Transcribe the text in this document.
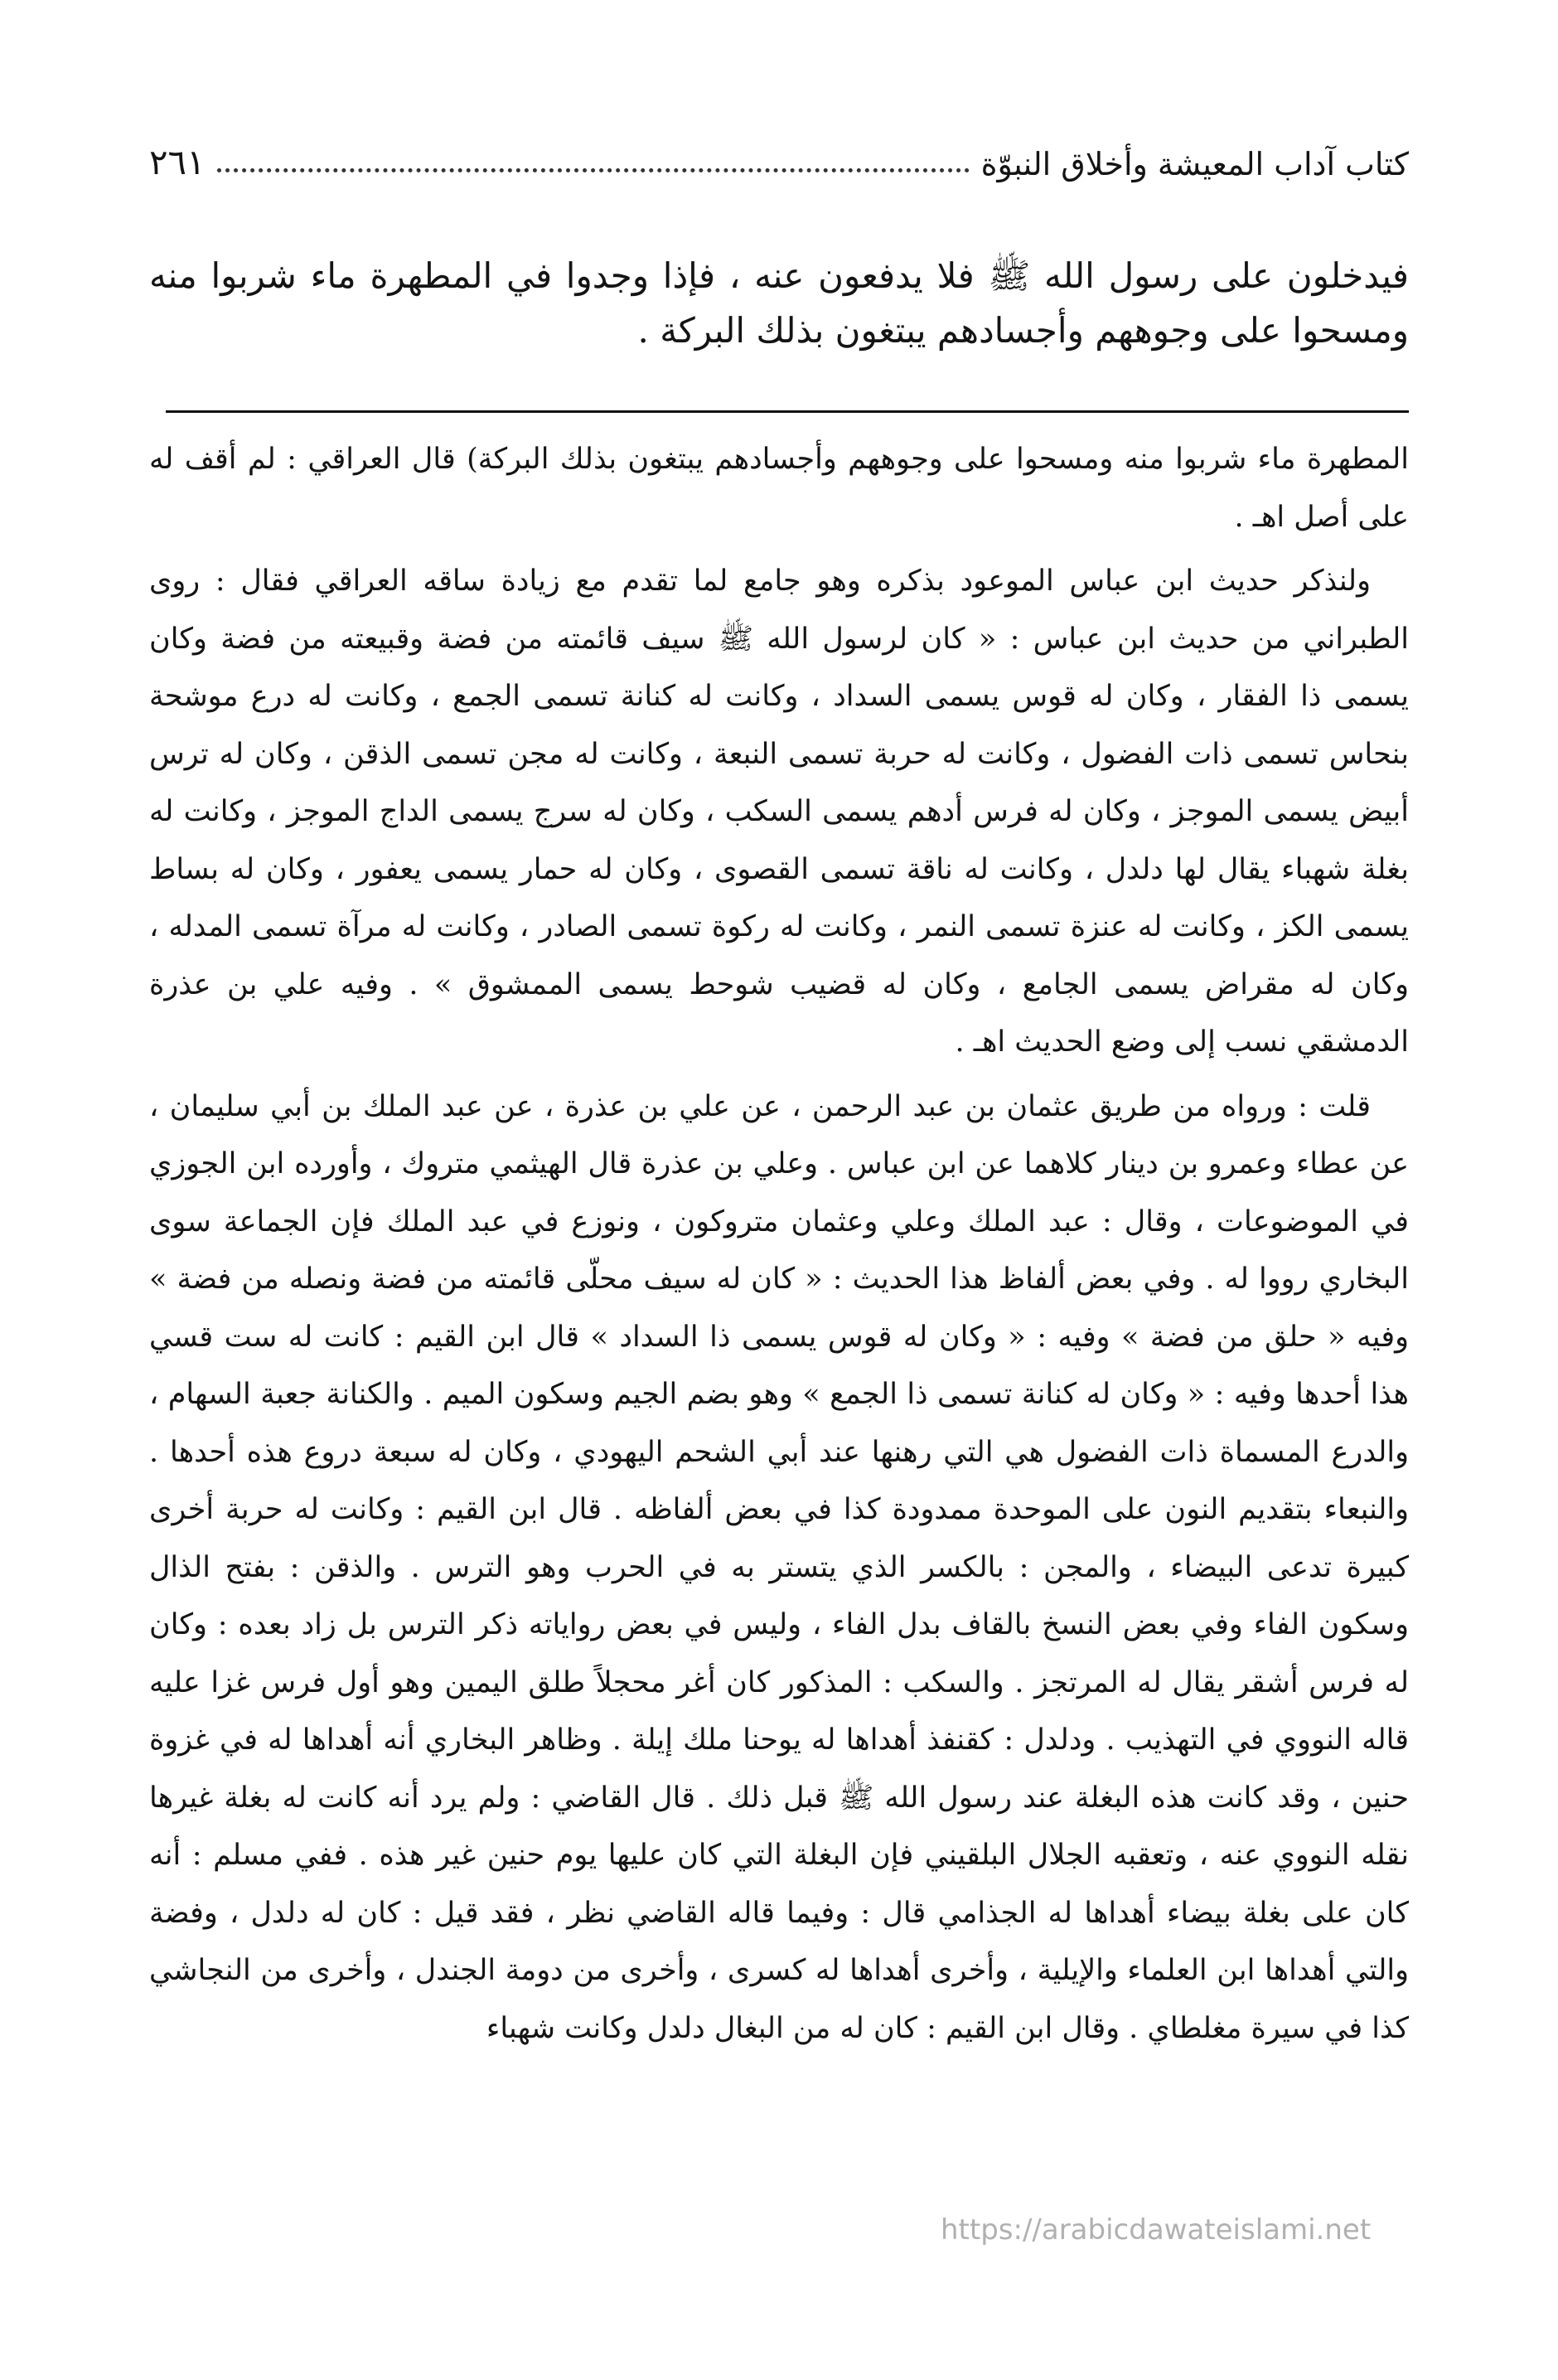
كتاب آداب المعيشة وأخلاق النبوّة
٢٦١
فيدخلون على رسول الله ﷺ فلا يدفعون عنه ، فإذا وجدوا في المطهرة ماء شربوا منه ومسحوا على وجوههم وأجسادهم يبتغون بذلك البركة .

المطهرة ماء شربوا منه ومسحوا على وجوههم وأجسادهم يبتغون بذلك البركة) قال العراقي : لم أقف له على أصل اهـ .

ولنذكر حديث ابن عباس الموعود بذكره وهو جامع لما تقدم مع زيادة ساقه العراقي فقال : روى الطبراني من حديث ابن عباس : « كان لرسول الله ﷺ سيف قائمته من فضة وقبيعته من فضة وكان يسمى ذا الفقار ، وكان له قوس يسمى السداد ، وكانت له كنانة تسمى الجمع ، وكانت له درع موشحة بنحاس تسمى ذات الفضول ، وكانت له حربة تسمى النبعة ، وكانت له مجن تسمى الذقن ، وكان له ترس أبيض يسمى الموجز ، وكان له فرس أدهم يسمى السكب ، وكان له سرج يسمى الداج الموجز ، وكانت له بغلة شهباء يقال لها دلدل ، وكانت له ناقة تسمى القصوى ، وكان له حمار يسمى يعفور ، وكان له بساط يسمى الكز ، وكانت له عنزة تسمى النمر ، وكانت له ركوة تسمى الصادر ، وكانت له مرآة تسمى المدله ، وكان له مقراض يسمى الجامع ، وكان له قضيب شوحط يسمى الممشوق » . وفيه علي بن عذرة الدمشقي نسب إلى وضع الحديث اهـ .

قلت : ورواه من طريق عثمان بن عبد الرحمن ، عن علي بن عذرة ، عن عبد الملك بن أبي سليمان ، عن عطاء وعمرو بن دينار كلاهما عن ابن عباس . وعلي بن عذرة قال الهيثمي متروك ، وأورده ابن الجوزي في الموضوعات ، وقال : عبد الملك وعلي وعثمان متروكون ، ونوزع في عبد الملك فإن الجماعة سوى البخاري رووا له . وفي بعض ألفاظ هذا الحديث : « كان له سيف محلّى قائمته من فضة ونصله من فضة » وفيه « حلق من فضة » وفيه : « وكان له قوس يسمى ذا السداد » قال ابن القيم : كانت له ست قسي هذا أحدها وفيه : « وكان له كنانة تسمى ذا الجمع » وهو بضم الجيم وسكون الميم . والكنانة جعبة السهام ، والدرع المسماة ذات الفضول هي التي رهنها عند أبي الشحم اليهودي ، وكان له سبعة دروع هذه أحدها . والنبعاء بتقديم النون على الموحدة ممدودة كذا في بعض ألفاظه . قال ابن القيم : وكانت له حربة أخرى كبيرة تدعى البيضاء ، والمجن : بالكسر الذي يتستر به في الحرب وهو الترس . والذقن : بفتح الذال وسكون الفاء وفي بعض النسخ بالقاف بدل الفاء ، وليس في بعض رواياته ذكر الترس بل زاد بعده : وكان له فرس أشقر يقال له المرتجز . والسكب : المذكور كان أغر محجلاً طلق اليمين وهو أول فرس غزا عليه قاله النووي في التهذيب . ودلدل : كقنفذ أهداها له يوحنا ملك إيلة . وظاهر البخاري أنه أهداها له في غزوة حنين ، وقد كانت هذه البغلة عند رسول الله ﷺ قبل ذلك . قال القاضي : ولم يرد أنه كانت له بغلة غيرها نقله النووي عنه ، وتعقبه الجلال البلقيني فإن البغلة التي كان عليها يوم حنين غير هذه . ففي مسلم : أنه كان على بغلة بيضاء أهداها له الجذامي قال : وفيما قاله القاضي نظر ، فقد قيل : كان له دلدل ، وفضة والتي أهداها ابن العلماء والإيلية ، وأخرى أهداها له كسرى ، وأخرى من دومة الجندل ، وأخرى من النجاشي كذا في سيرة مغلطاي . وقال ابن القيم : كان له من البغال دلدل وكانت شهباء

https://arabicdawateislami.net
